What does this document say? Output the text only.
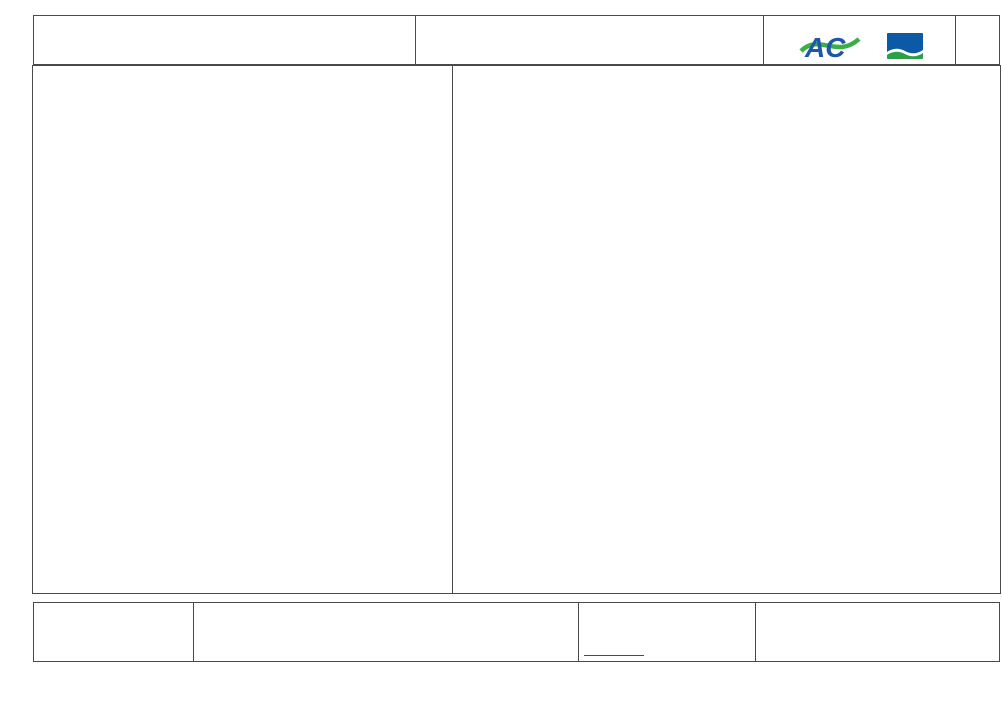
AC
